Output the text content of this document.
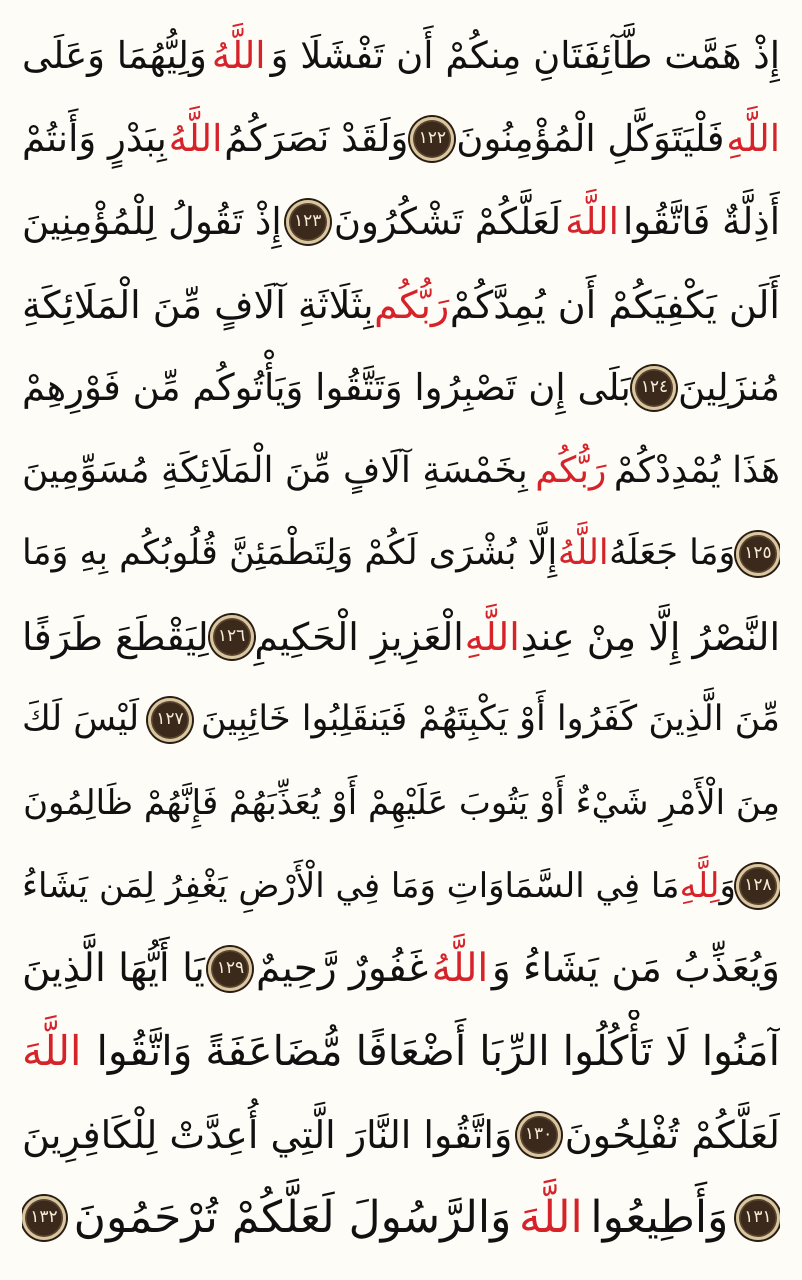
إِذْ هَمَّت طَّآئِفَتَانِ مِنكُمْ أَن تَفْشَلَا وَ
اللَّهُ
وَلِيُّهُمَا وَعَلَى
اللَّهِ
فَلْيَتَوَكَّلِ الْمُؤْمِنُونَ
١٢٢
وَلَقَدْ نَصَرَكُمُ
اللَّهُ
بِبَدْرٍ وَأَنتُمْ
أَذِلَّةٌ فَاتَّقُوا
اللَّهَ
لَعَلَّكُمْ تَشْكُرُونَ
١٢٣
إِذْ تَقُولُ لِلْمُؤْمِنِينَ
أَلَن يَكْفِيَكُمْ أَن يُمِدَّكُمْ
رَبُّكُم
بِثَلَاثَةِ آلَافٍ مِّنَ الْمَلَائِكَةِ
مُنزَلِينَ
١٢٤
بَلَى إِن تَصْبِرُوا وَتَتَّقُوا وَيَأْتُوكُم مِّن فَوْرِهِمْ
هَذَا يُمْدِدْكُمْ
رَبُّكُم
بِخَمْسَةِ آلَافٍ مِّنَ الْمَلَائِكَةِ مُسَوِّمِينَ
١٢٥
وَمَا جَعَلَهُ
اللَّهُ
إِلَّا بُشْرَى لَكُمْ وَلِتَطْمَئِنَّ قُلُوبُكُم بِهِ وَمَا
النَّصْرُ إِلَّا مِنْ عِندِ
اللَّهِ
الْعَزِيزِ الْحَكِيمِ
١٢٦
لِيَقْطَعَ طَرَفًا
مِّنَ الَّذِينَ كَفَرُوا أَوْ يَكْبِتَهُمْ فَيَنقَلِبُوا خَائِبِينَ
١٢٧
لَيْسَ لَكَ
مِنَ الْأَمْرِ شَيْءٌ أَوْ يَتُوبَ عَلَيْهِمْ أَوْ يُعَذِّبَهُمْ فَإِنَّهُمْ ظَالِمُونَ
١٢٨
وَ
لِلَّهِ
مَا فِي السَّمَاوَاتِ وَمَا فِي الْأَرْضِ يَغْفِرُ لِمَن يَشَاءُ
وَيُعَذِّبُ مَن يَشَاءُ وَ
اللَّهُ
غَفُورٌ رَّحِيمٌ
١٢٩
يَا أَيُّهَا الَّذِينَ
آمَنُوا لَا تَأْكُلُوا الرِّبَا أَضْعَافًا مُّضَاعَفَةً وَاتَّقُوا
اللَّهَ
لَعَلَّكُمْ تُفْلِحُونَ
١٣٠
وَاتَّقُوا النَّارَ الَّتِي أُعِدَّتْ لِلْكَافِرِينَ
١٣١
وَأَطِيعُوا
اللَّهَ
وَالرَّسُولَ لَعَلَّكُمْ تُرْحَمُونَ
١٣٢
